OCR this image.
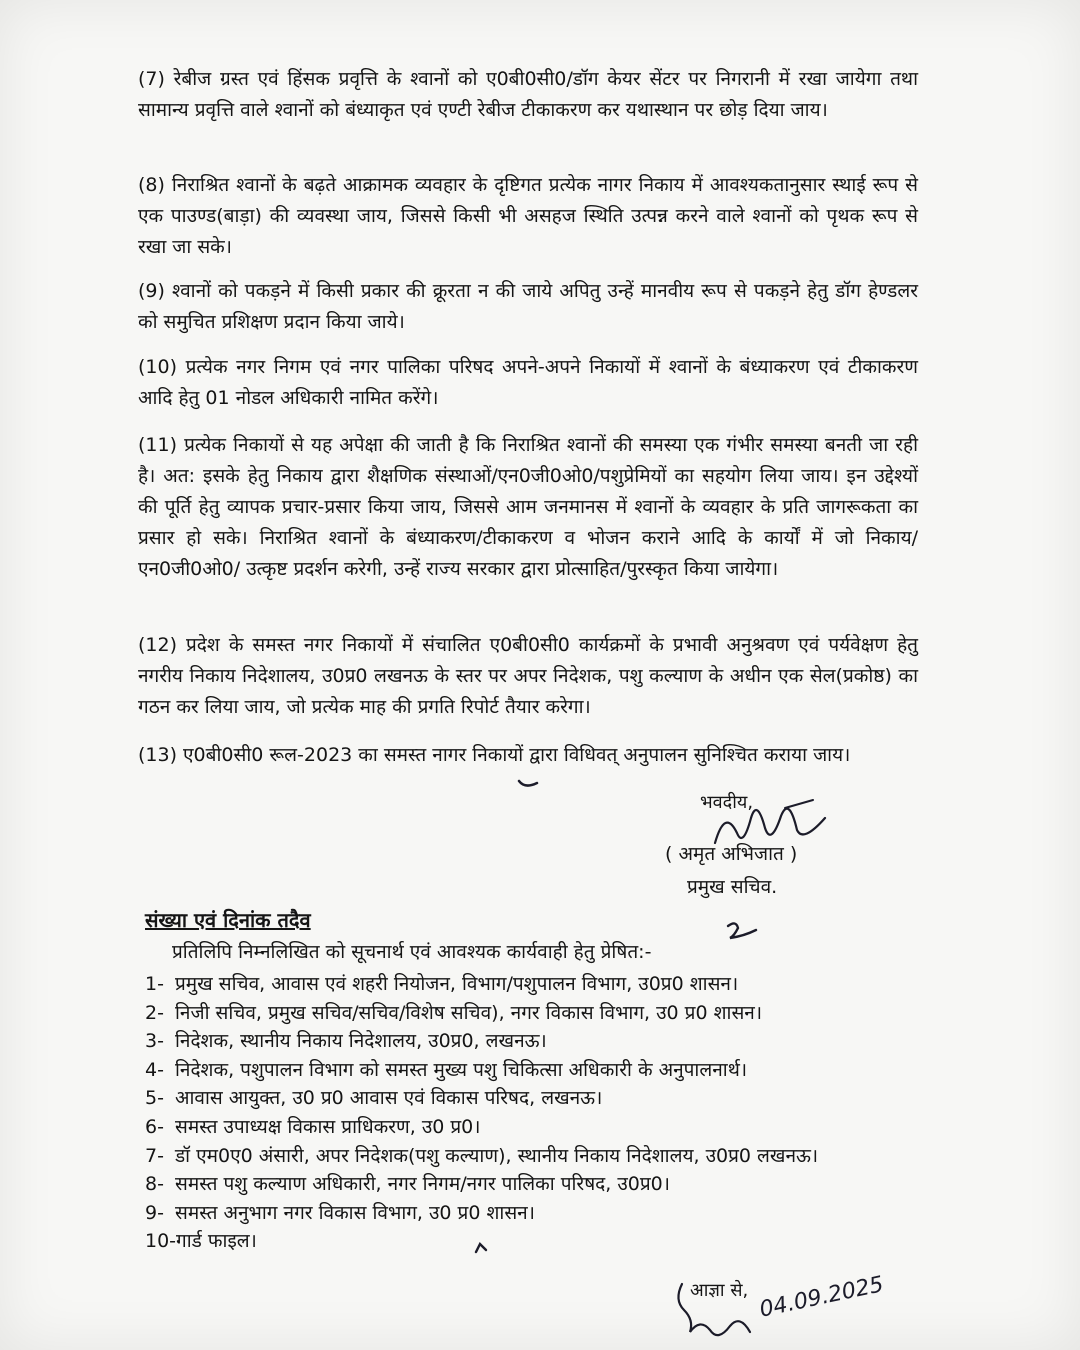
(7) रेबीज ग्रस्त एवं हिंसक प्रवृत्ति के श्वानों को ए0बी0सी0/डॉग केयर सेंटर पर निगरानी में रखा जायेगा तथा सामान्य प्रवृत्ति वाले श्वानों को बंध्याकृत एवं एण्टी रेबीज टीकाकरण कर यथास्थान पर छोड़ दिया जाय।
(8) निराश्रित श्वानों के बढ़ते आक्रामक व्यवहार के दृष्टिगत प्रत्येक नागर निकाय में आवश्यकतानुसार स्थाई रूप से एक पाउण्ड(बाड़ा) की व्यवस्था जाय, जिससे किसी भी असहज स्थिति उत्पन्न करने वाले श्वानों को पृथक रूप से रखा जा सके।
(9) श्वानों को पकड़ने में किसी प्रकार की क्रूरता न की जाये अपितु उन्हें मानवीय रूप से पकड़ने हेतु डॉग हेण्डलर को समुचित प्रशिक्षण प्रदान किया जाये।
(10) प्रत्येक नगर निगम एवं नगर पालिका परिषद अपने-अपने निकायों में श्वानों के बंध्याकरण एवं टीकाकरण आदि हेतु 01 नोडल अधिकारी नामित करेंगे।
(11) प्रत्येक निकायों से यह अपेक्षा की जाती है कि निराश्रित श्वानों की समस्या एक गंभीर समस्या बनती जा रही है। अत: इसके हेतु निकाय द्वारा शैक्षणिक संस्थाओं/एन0जी0ओ0/पशुप्रेमियों का सहयोग लिया जाय। इन उद्देश्यों की पूर्ति हेतु व्यापक प्रचार-प्रसार किया जाय, जिससे आम जनमानस में श्वानों के व्यवहार के प्रति जागरूकता का प्रसार हो सके। निराश्रित श्वानों के बंध्याकरण/टीकाकरण व भोजन कराने आदि के कार्यों में जो निकाय/एन0जी0ओ0/ उत्कृष्ट प्रदर्शन करेगी, उन्हें राज्य सरकार द्वारा प्रोत्साहित/पुरस्कृत किया जायेगा।
(12) प्रदेश के समस्त नगर निकायों में संचालित ए0बी0सी0 कार्यक्रमों के प्रभावी अनुश्रवण एवं पर्यवेक्षण हेतु नगरीय निकाय निदेशालय, उ0प्र0 लखनऊ के स्तर पर अपर निदेशक, पशु कल्याण के अधीन एक सेल(प्रकोष्ठ) का गठन कर लिया जाय, जो प्रत्येक माह की प्रगति रिपोर्ट तैयार करेगा।
(13) ए0बी0सी0 रूल-2023 का समस्त नागर निकायों द्वारा विधिवत् अनुपालन सुनिश्चित कराया जाय।
भवदीय,
( अमृत अभिजात )
प्रमुख सचिव.
संख्या एवं दिनांक तदैव
प्रतिलिपि निम्नलिखित को सूचनार्थ एवं आवश्यक कार्यवाही हेतु प्रेषित:-
1- प्रमुख सचिव, आवास एवं शहरी नियोजन, विभाग/पशुपालन विभाग, उ0प्र0 शासन।
2- निजी सचिव, प्रमुख सचिव/सचिव/विशेष सचिव), नगर विकास विभाग, उ0 प्र0 शासन।
3- निदेशक, स्थानीय निकाय निदेशालय, उ0प्र0, लखनऊ।
4- निदेशक, पशुपालन विभाग को समस्त मुख्य पशु चिकित्सा अधिकारी के अनुपालनार्थ।
5- आवास आयुक्त, उ0 प्र0 आवास एवं विकास परिषद, लखनऊ।
6- समस्त उपाध्यक्ष विकास प्राधिकरण, उ0 प्र0।
7- डॉ एम0ए0 अंसारी, अपर निदेशक(पशु कल्याण), स्थानीय निकाय निदेशालय, उ0प्र0 लखनऊ।
8- समस्त पशु कल्याण अधिकारी, नगर निगम/नगर पालिका परिषद, उ0प्र0।
9- समस्त अनुभाग नगर विकास विभाग, उ0 प्र0 शासन।
10- गार्ड फाइल।
आज्ञा से, 04.09.2025
